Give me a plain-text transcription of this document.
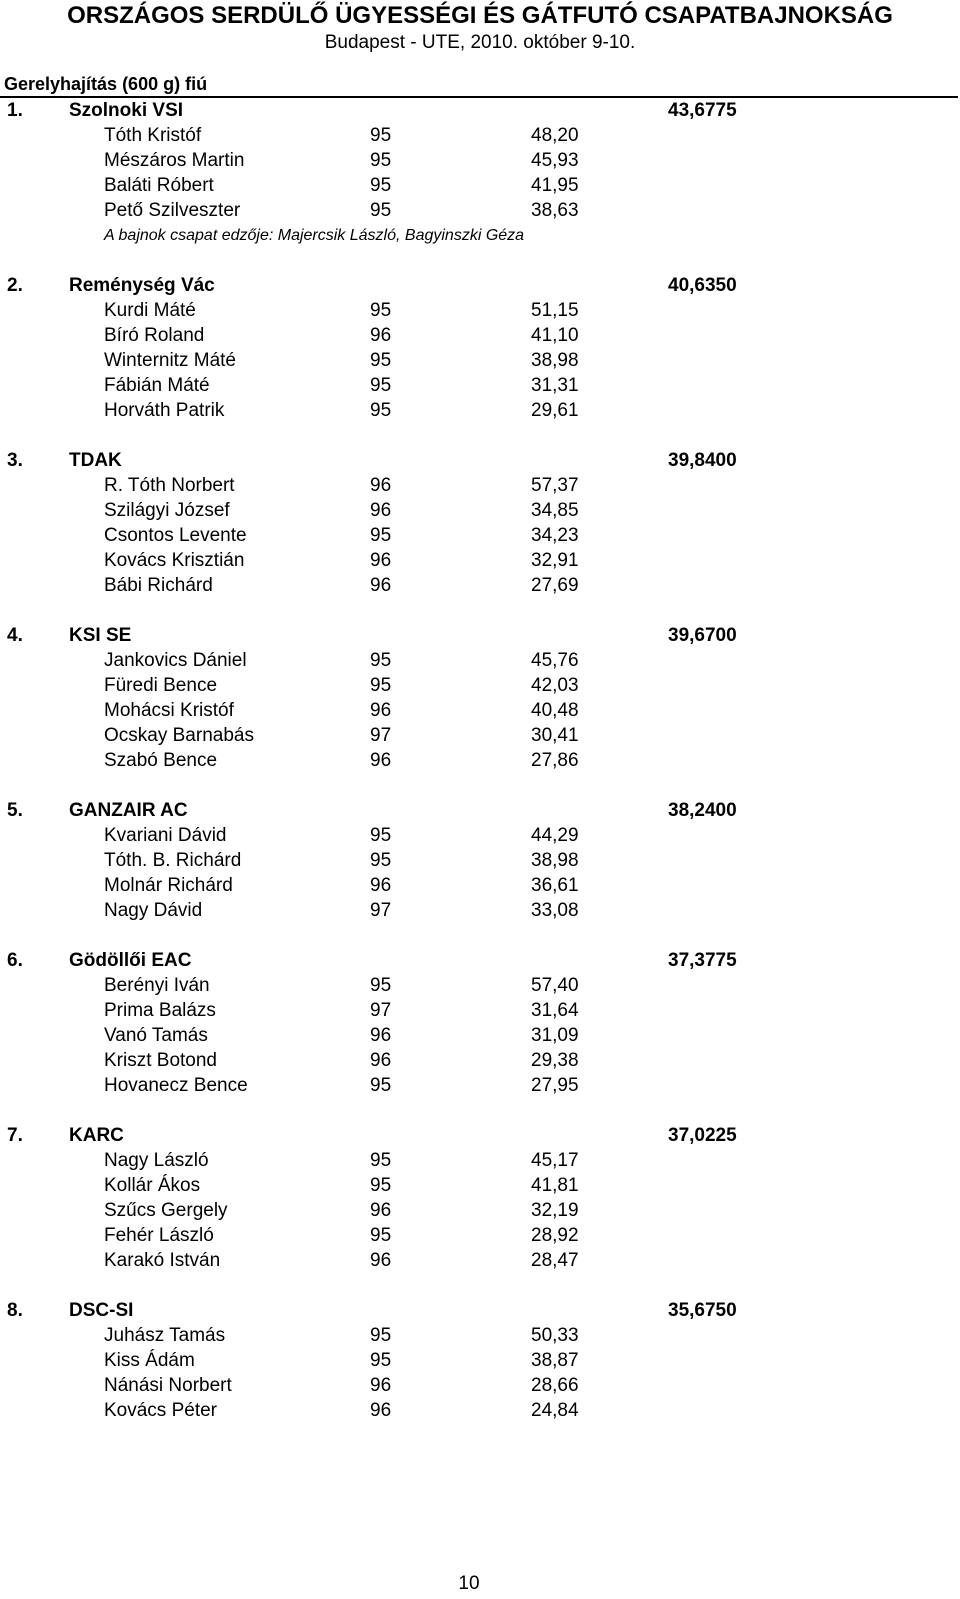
ORSZÁGOS SERDÜLŐ ÜGYESSÉGI ÉS GÁTFUTÓ CSAPATBAJNOKSÁG
Budapest - UTE, 2010. október 9-10.
Gerelyhajítás (600 g) fiú
1. Szolnoki VSI	43,6775
Tóth Kristóf	95	48,20
Mészáros Martin	95	45,93
Baláti Róbert	95	41,95
Pető Szilveszter	95	38,63
A bajnok csapat edzője: Majercsik László, Bagyinszki Géza
2. Reménység Vác	40,6350
Kurdi Máté	95	51,15
Bíró Roland	96	41,10
Winternitz Máté	95	38,98
Fábián Máté	95	31,31
Horváth Patrik	95	29,61
3. TDAK	39,8400
R. Tóth Norbert	96	57,37
Szilágyi József	96	34,85
Csontos Levente	95	34,23
Kovács Krisztián	96	32,91
Bábi Richárd	96	27,69
4. KSI SE	39,6700
Jankovics Dániel	95	45,76
Füredi Bence	95	42,03
Mohácsi Kristóf	96	40,48
Ocskay Barnabás	97	30,41
Szabó Bence	96	27,86
5. GANZAIR AC	38,2400
Kvariani Dávid	95	44,29
Tóth. B. Richárd	95	38,98
Molnár Richárd	96	36,61
Nagy Dávid	97	33,08
6. Gödöllői EAC	37,3775
Berényi Iván	95	57,40
Prima Balázs	97	31,64
Vanó Tamás	96	31,09
Kriszt Botond	96	29,38
Hovanecz Bence	95	27,95
7. KARC	37,0225
Nagy László	95	45,17
Kollár Ákos	95	41,81
Szűcs Gergely	96	32,19
Fehér László	95	28,92
Karakó István	96	28,47
8. DSC-SI	35,6750
Juhász Tamás	95	50,33
Kiss Ádám	95	38,87
Nánási Norbert	96	28,66
Kovács Péter	96	24,84
10
